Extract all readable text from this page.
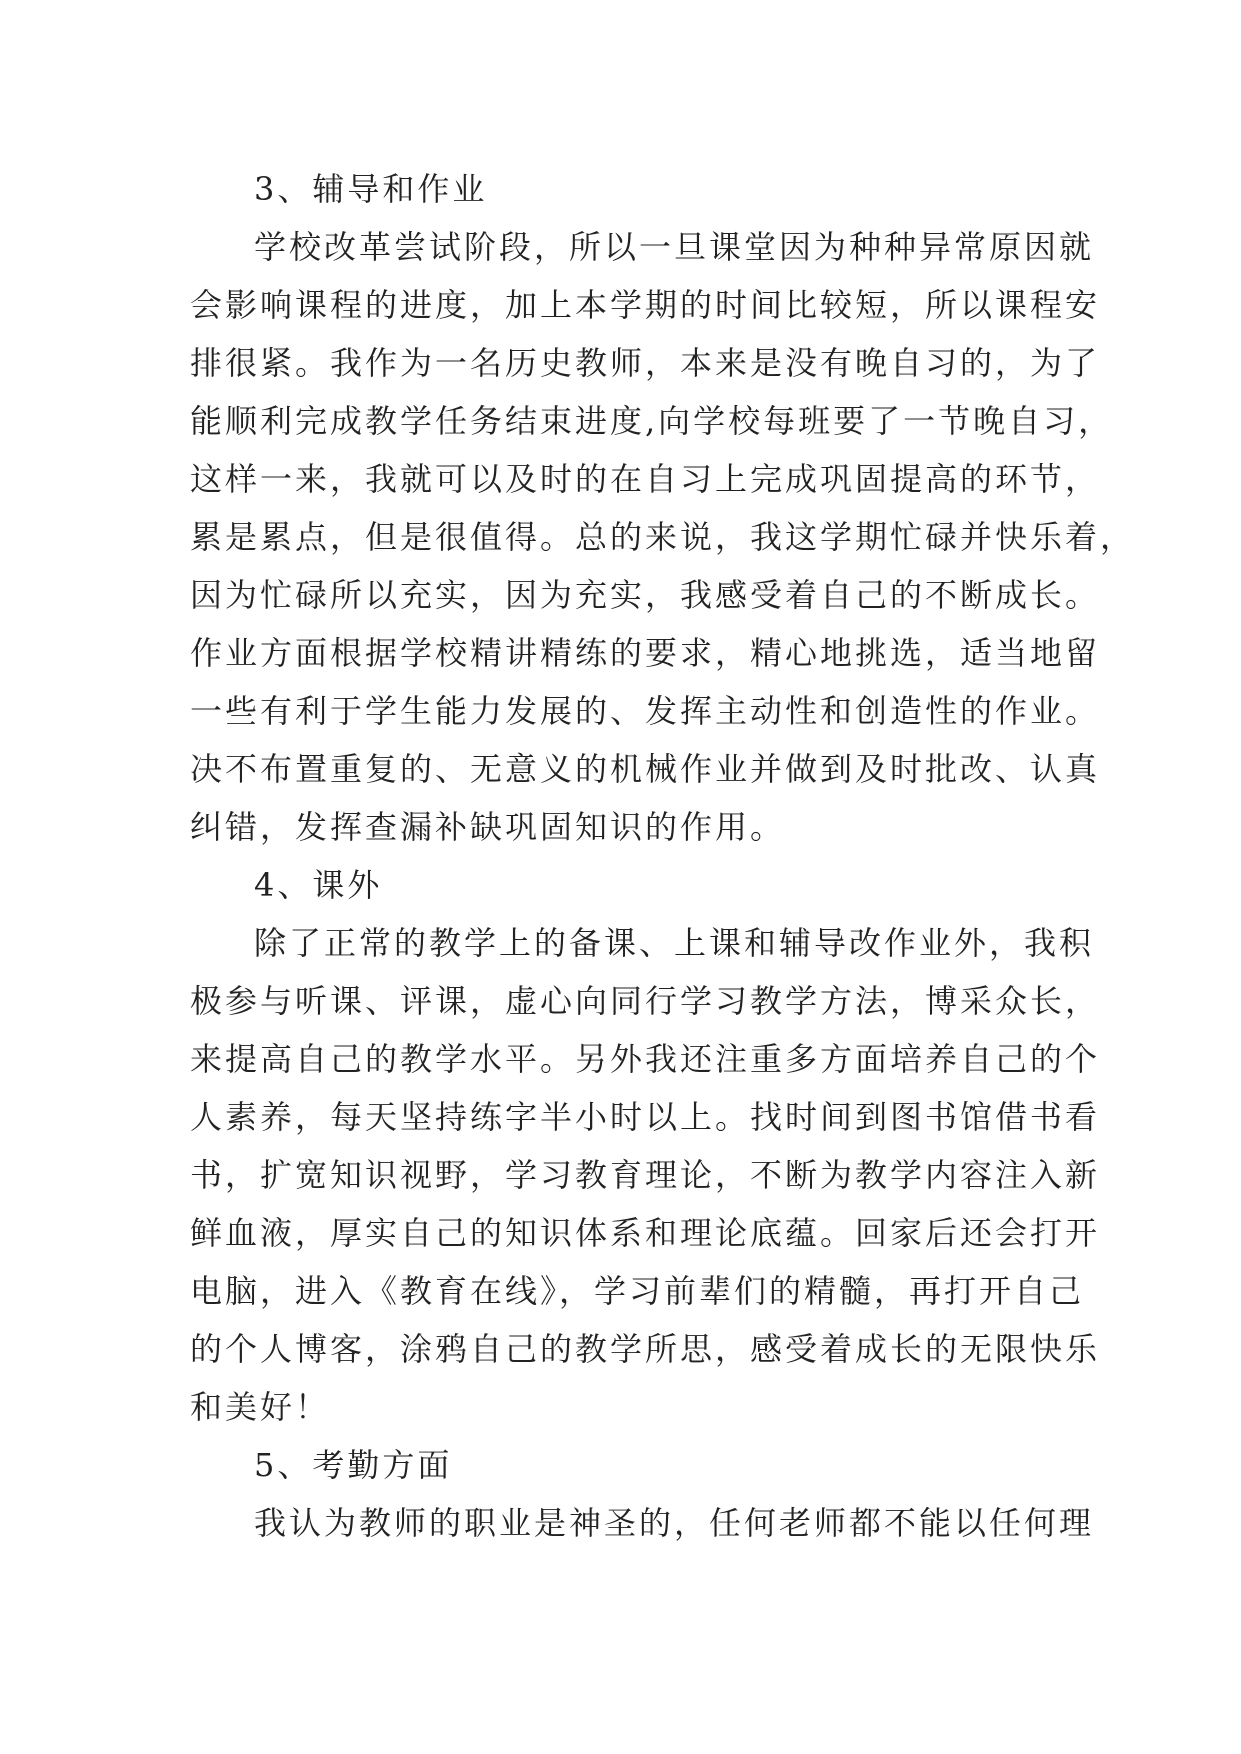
3、辅导和作业
学校改革尝试阶段，所以一旦课堂因为种种异常原因就
会影响课程的进度，加上本学期的时间比较短，所以课程安
排很紧。我作为一名历史教师，本来是没有晚自习的，为了
能顺利完成教学任务结束进度,向学校每班要了一节晚自习，
这样一来，我就可以及时的在自习上完成巩固提高的环节，
累是累点，但是很值得。总的来说，我这学期忙碌并快乐着，
因为忙碌所以充实，因为充实，我感受着自己的不断成长。
作业方面根据学校精讲精练的要求，精心地挑选，适当地留
一些有利于学生能力发展的、发挥主动性和创造性的作业。
决不布置重复的、无意义的机械作业并做到及时批改、认真
纠错，发挥查漏补缺巩固知识的作用。
4、课外
除了正常的教学上的备课、上课和辅导改作业外，我积
极参与听课、评课，虚心向同行学习教学方法，博采众长，
来提高自己的教学水平。另外我还注重多方面培养自己的个
人素养，每天坚持练字半小时以上。找时间到图书馆借书看
书，扩宽知识视野，学习教育理论，不断为教学内容注入新
鲜血液，厚实自己的知识体系和理论底蕴。回家后还会打开
电脑，进入《教育在线》，学习前辈们的精髓，再打开自己
的个人博客，涂鸦自己的教学所思，感受着成长的无限快乐
和美好！
5、考勤方面
我认为教师的职业是神圣的，任何老师都不能以任何理
